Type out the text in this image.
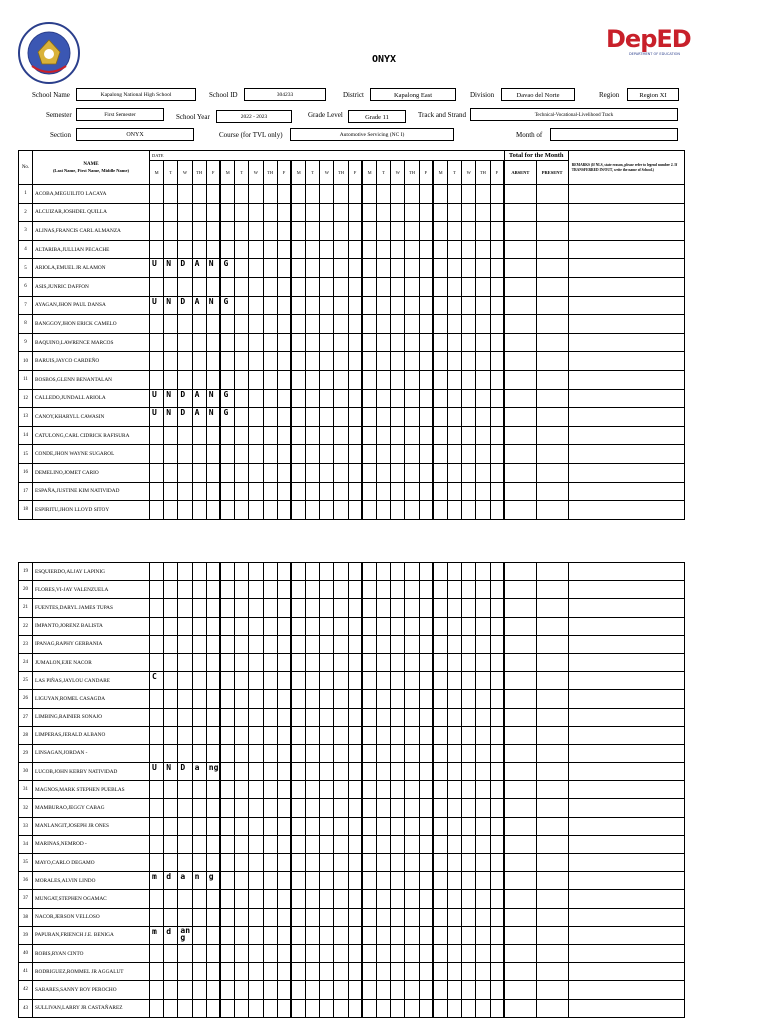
ONYX
DepED
DEPARTMENT OF EDUCATION
School Name	Kapalong National High School	School ID	304233	District	Kapalong East	Division	Davao del Norte	Region	Region XI
Semester	First Semester	School Year	2022 - 2023	Grade Level	Grade 11	Track and Strand	Technical-Vocational-Livelihood Track
Section	ONYX	Course (for TVL only)	Automotive Servicing (NC I)	Month of
No.	NAME
(Last Name, First Name, Middle Name)	DATE																									Total for the Month		REMARKS (If NLS, state reason, please refer to legend number 2. If TRANSFERRED IN/OUT, write the name of School.)
		M	T	W	TH	F	M	T	W	TH	F	M	T	W	TH	F	M	T	W	TH	F	M	T	W	TH	F	ABSENT	PRESENT	
1	ACOBA,MEGUILITO LACAYA																												
2	ALCUIZAR,JOSHDEL QUILLA																												
3	ALINAS,FRANCIS CARL ALMANZA																												
4	ALTARIBA,JULLIAN PECACHE																												
5	ARIOLA,EMUEL JR ALAMON	U	N	D	A	N	G																						
6	ASIS,JUNRIC DAFFON																												
7	AYAGAN,JHON PAUL DANSA	U	N	D	A	N	G																						
8	BANGGOY,JHON ERICK CAMELO																												
9	BAQUINO,LAWRENCE MARCOS																												
10	BARUIS,JAYCO CARDEÑO																												
11	BOSBOS,GLENN BENANTALAN																												
12	CALLEDO,JUNDALL ARIOLA	U	N	D	A	N	G																						
13	CANOY,KHARYLL CAWASIN	U	N	D	A	N	G																						
14	CATULONG,CARL CIDRICK RAFISURA																												
15	CONDE,JHON WAYNE SUGAROL																												
16	DEMELINO,JOMET CARIO																												
17	ESPAÑA,JUSTINE KIM NATIVIDAD																												
18	ESPIRITU,JHON LLOYD SITOY																												
19	ESQUIERDO,ALJAY LAPINIG																												
20	FLORES,VI-JAY VALENZUELA																												
21	FUENTES,DARYL JAMES TUPAS																												
22	IMPANTO,JORENZ BALISTA																												
23	IPANAG,RAPHY GERBANIA																												
24	JUMALON,EJIE NACOR																												
25	LAS PIÑAS,JAYLOU CANDARE	C																											
26	LIGUYAN,ROMEL CASAGDA																												
27	LIMBING,RAINIER SONAJO																												
28	LIMPERAS,JERALD ALBANO																												
29	LINSAGAN,JORDAN -																												
30	LUCOB,JOHN KERBY NATIVIDAD	U	N	D	a	ng																							
31	MAGNOS,MARK STEPHEN PUEBLAS																												
32	MAMBURAO,JEGGY CABAG																												
33	MANLANGIT,JOSEPH JR ONES																												
34	MARINAS,NEMROD -																												
35	MAYO,CARLO DEGAMO																												
36	MORALES,ALVIN LINDO	m	d	a	n	g																							
37	MUNGAT,STEPHEN OGAMAC																												
38	NACOR,JERSON VELLOSO																												
39	PAPURAN,FRIENCH J.E. BENIGA	m	d	an g																									
40	ROBIS,RYAN CINTO																												
41	RODRIGUEZ,ROMMEL JR AGGALUT																												
42	SABARES,SANNY BOY PEROCHO																												
43	SULLIVAN,LARRY JR CASTAÑAREZ																												
